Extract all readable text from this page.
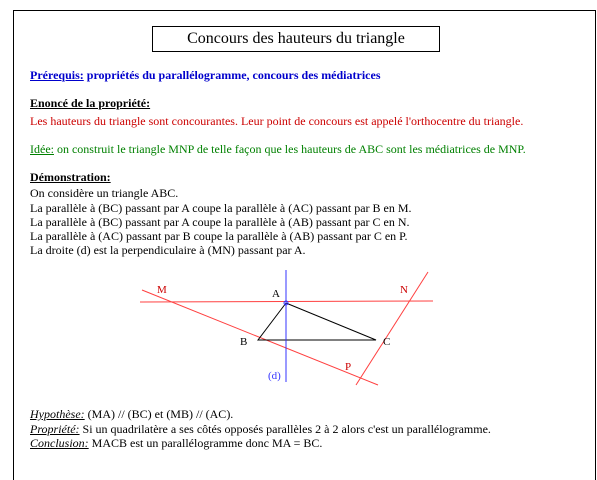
Concours des hauteurs du triangle
Prérequis: propriétés du parallélogramme, concours des médiatrices
Enoncé de la propriété:
Les hauteurs du triangle sont concourantes. Leur point de concours est appelé l'orthocentre du triangle.
Idée: on construit le triangle MNP de telle façon que les hauteurs de ABC sont les médiatrices de MNP.
Démonstration:
On considère un triangle ABC.
La parallèle à (BC) passant par A coupe la parallèle à (AC) passant par B en M.
La parallèle à (BC) passant par A coupe la parallèle à (AB) passant par C en N.
La parallèle à (AC) passant par B coupe la parallèle à (AB) passant par C en P.
La droite (d) est la perpendiculaire à (MN) passant par A.
M	N
A
B	C
P
(d)
Hypothèse: (MA) // (BC) et (MB) // (AC).
Propriété: Si un quadrilatère a ses côtés opposés parallèles 2 à 2 alors c'est un parallélogramme.
Conclusion: MACB est un parallélogramme donc MA = BC.
